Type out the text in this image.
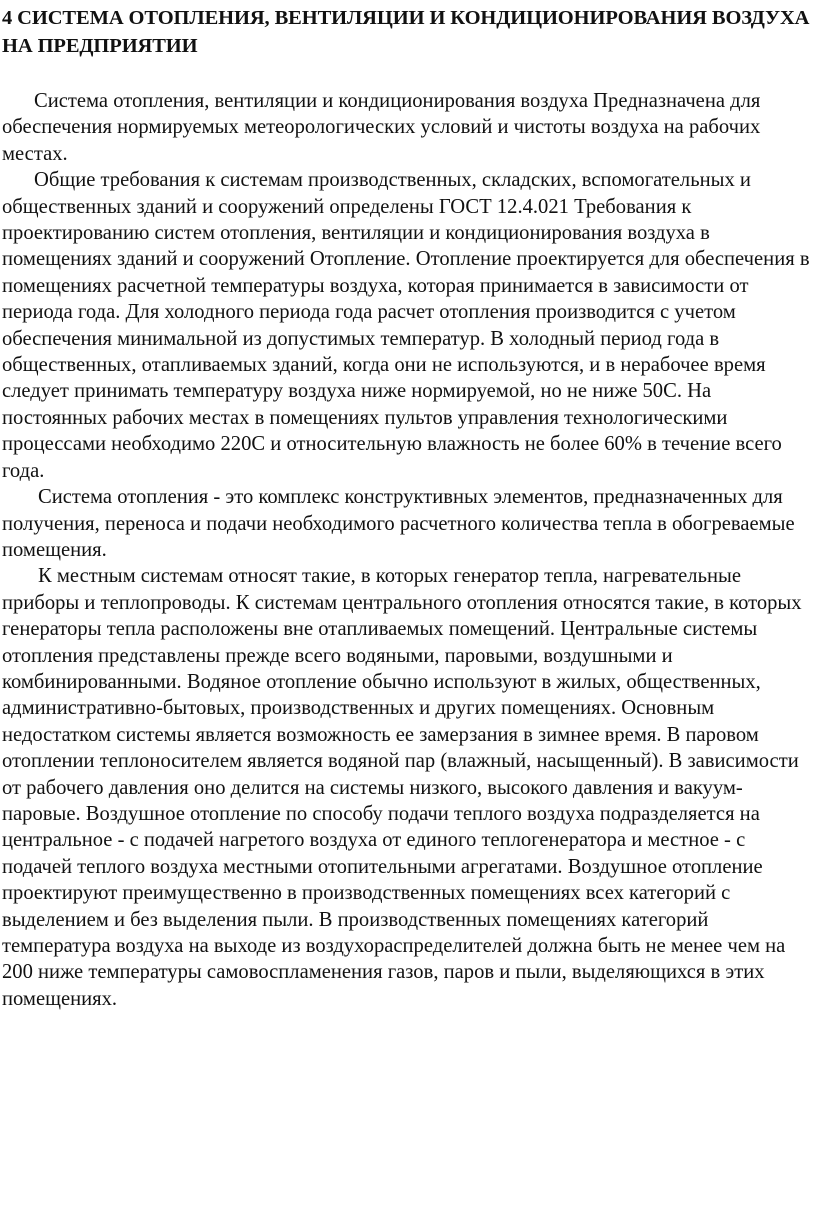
4 СИСТЕМА ОТОПЛЕНИЯ, ВЕНТИЛЯЦИИ И КОНДИЦИОНИРОВАНИЯ ВОЗДУХА НА ПРЕДПРИЯТИИ

Система отопления, вентиляции и кондиционирования воздуха Предназначена для обеспечения нормируемых метеорологических условий и чистоты воздуха на рабочих местах.

Общие требования к системам производственных, складских, вспомогательных и общественных зданий и сооружений определены ГОСТ 12.4.021 Требования к проектированию систем отопления, вентиляции и кондиционирования воздуха в помещениях зданий и сооружений Отопление. Отопление проектируется для обеспечения в помещениях расчетной температуры воздуха, которая принимается в зависимости от периода года. Для холодного периода года расчет отопления производится с учетом обеспечения минимальной из допустимых температур. В холодный период года в общественных, отапливаемых зданий, когда они не используются, и в нерабочее время следует принимать температуру воздуха ниже нормируемой, но не ниже 50С. На постоянных рабочих местах в помещениях пультов управления технологическими процессами необходимо 220С и относительную влажность не более 60% в течение всего года.

Система отопления - это комплекс конструктивных элементов, предназначенных для получения, переноса и подачи необходимого расчетного количества тепла в обогреваемые помещения.

К местным системам относят такие, в которых генератор тепла, нагревательные приборы и теплопроводы. К системам центрального отопления относятся такие, в которых генераторы тепла расположены вне отапливаемых помещений. Центральные системы отопления представлены прежде всего водяными, паровыми, воздушными и комбинированными. Водяное отопление обычно используют в жилых, общественных, административно-бытовых, производственных и других помещениях. Основным недостатком системы является возможность ее замерзания в зимнее время. В паровом отоплении теплоносителем является водяной пар (влажный, насыщенный). В зависимости от рабочего давления оно делится на системы низкого, высокого давления и вакуум-паровые. Воздушное отопление по способу подачи теплого воздуха подразделяется на центральное - с подачей нагретого воздуха от единого теплогенератора и местное - с подачей теплого воздуха местными отопительными агрегатами. Воздушное отопление проектируют преимущественно в производственных помещениях всех категорий с выделением и без выделения пыли. В производственных помещениях категорий температура воздуха на выходе из воздухораспределителей должна быть не менее чем на 200 ниже температуры самовоспламенения газов, паров и пыли, выделяющихся в этих помещениях.
